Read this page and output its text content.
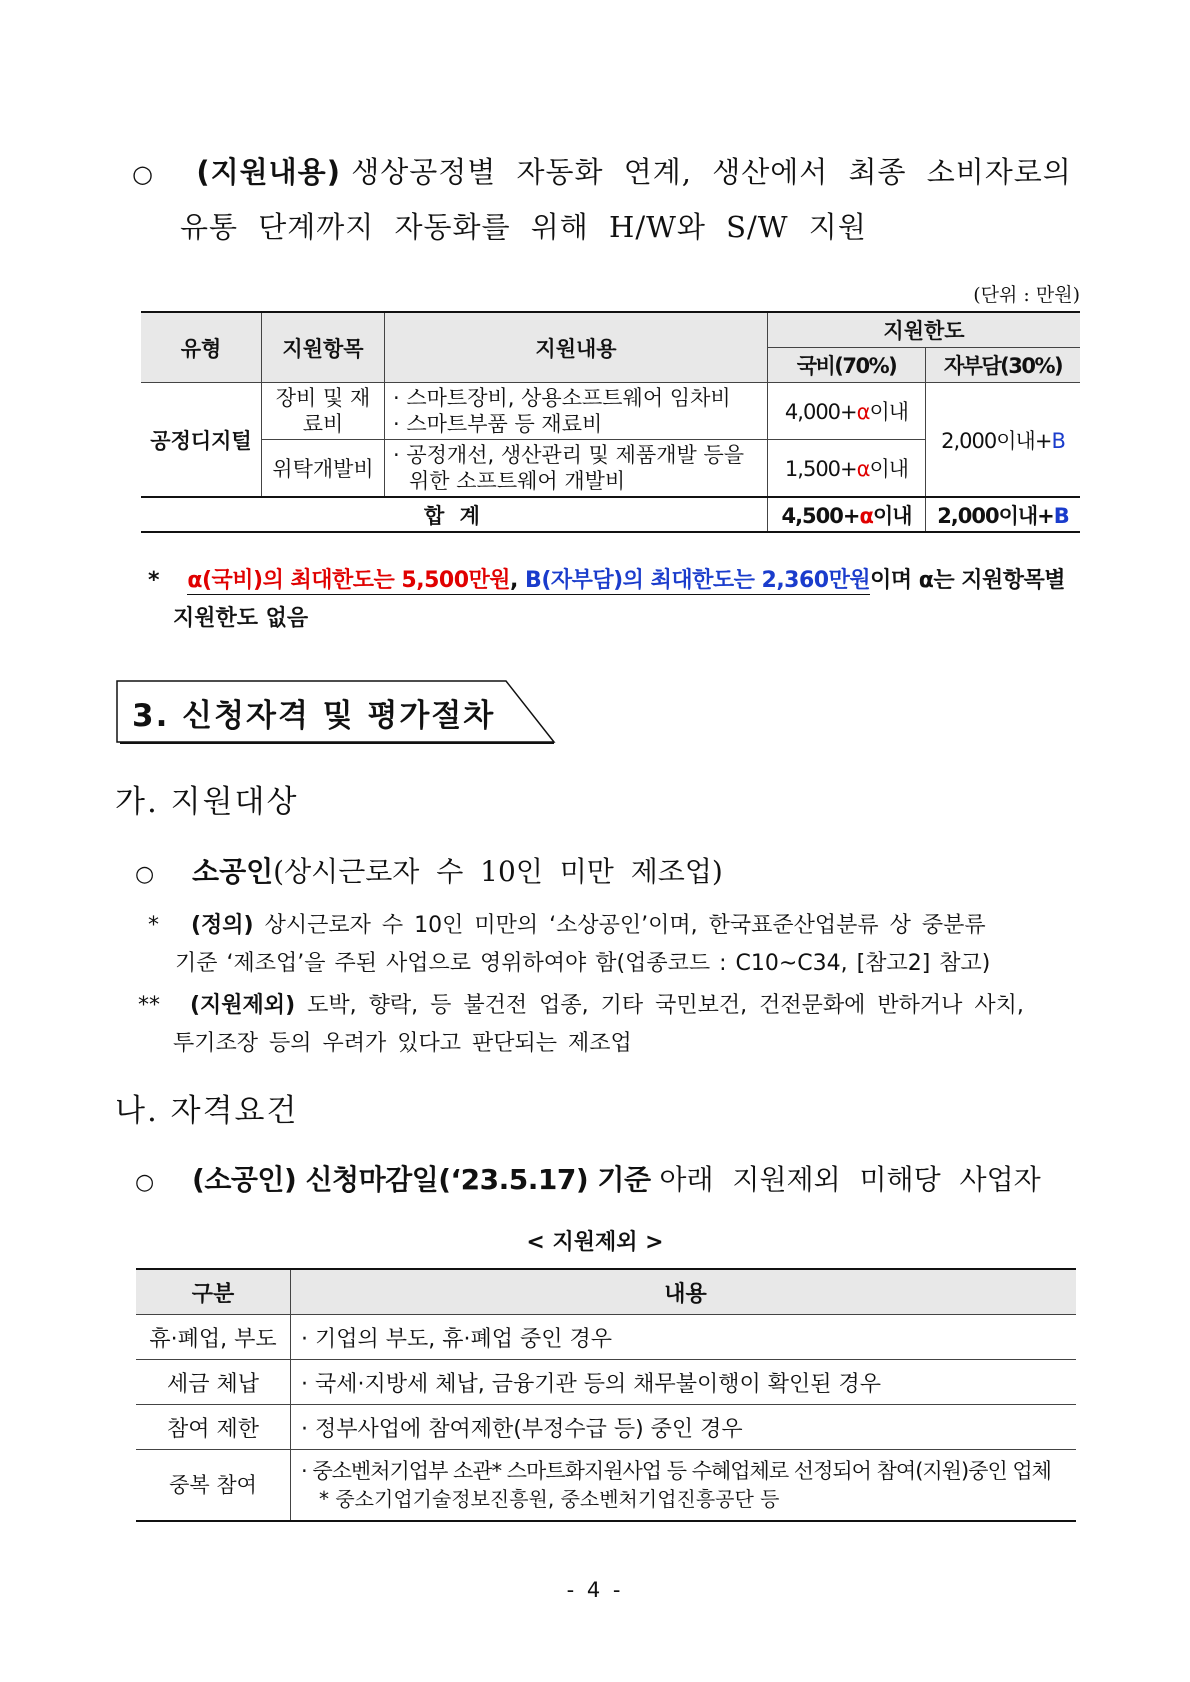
○ (지원내용) 생상공정별 자동화 연계, 생산에서 최종 소비자로의
유통 단계까지 자동화를 위해 H/W와 S/W 지원
(단위 : 만원)
유형	지원항목	지원내용	지원한도	
			국비(70%)	자부담(30%)
공정디지털	장비 및 재료비	· 스마트장비, 상용소프트웨어 임차비
· 스마트부품 등 재료비	4,000+α이내	2,000이내+B
	위탁개발비	· 공정개선, 생산관리 및 제품개발 등을
위한 소프트웨어 개발비	1,500+α이내	
합 계			4,500+α이내	2,000이내+B
* α(국비)의 최대한도는 5,500만원, B(자부담)의 최대한도는 2,360만원이며 α는 지원항목별
지원한도 없음
3. 신청자격 및 평가절차
가. 지원대상
○ 소공인(상시근로자 수 10인 미만 제조업)
* (정의) 상시근로자 수 10인 미만의 ‘소상공인’이며, 한국표준산업분류 상 중분류
기준 ‘제조업’을 주된 사업으로 영위하여야 함(업종코드 : C10~C34, [참고2] 참고)
** (지원제외) 도박, 향락, 등 불건전 업종, 기타 국민보건, 건전문화에 반하거나 사치,
투기조장 등의 우려가 있다고 판단되는 제조업
나. 자격요건
○ (소공인) 신청마감일(‘23.5.17) 기준 아래 지원제외 미해당 사업자
< 지원제외 >
구분	내용
휴·폐업, 부도	· 기업의 부도, 휴·폐업 중인 경우
세금 체납	· 국세·지방세 체납, 금융기관 등의 채무불이행이 확인된 경우
참여 제한	· 정부사업에 참여제한(부정수급 등) 중인 경우
중복 참여	· 중소벤처기업부 소관* 스마트화지원사업 등 수혜업체로 선정되어 참여(지원)중인 업체
* 중소기업기술정보진흥원, 중소벤처기업진흥공단 등
- 4 -
